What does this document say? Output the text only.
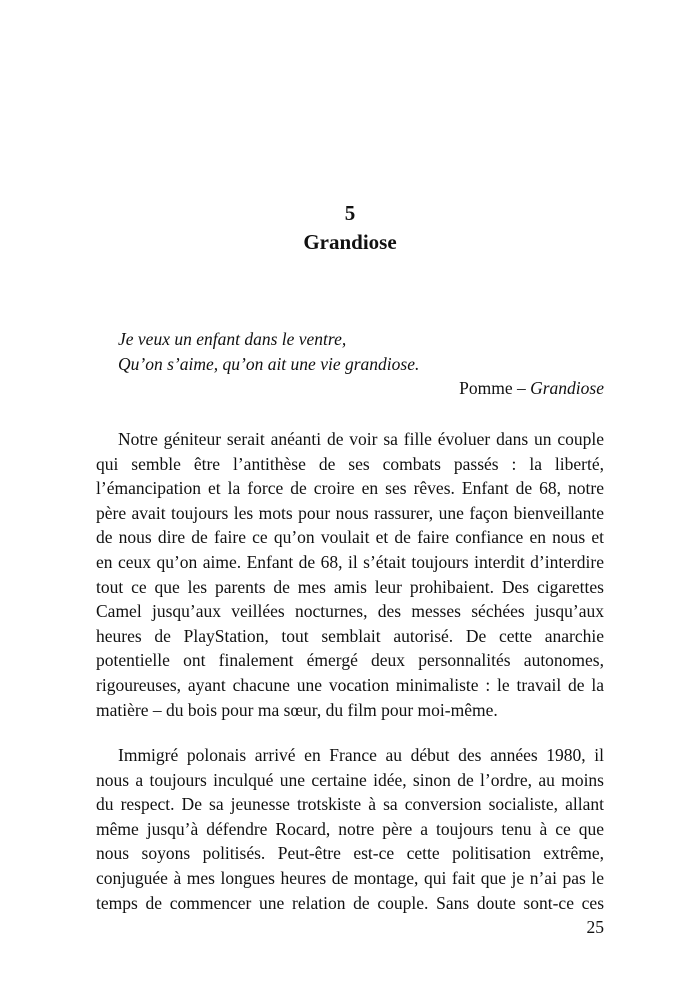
5
Grandiose
Je veux un enfant dans le ventre,
Qu’on s’aime, qu’on ait une vie grandiose.
Pomme – Grandiose
Notre géniteur serait anéanti de voir sa fille évoluer dans un couple
qui semble être l’antithèse de ses combats passés : la liberté,
l’émancipation et la force de croire en ses rêves. Enfant de 68, notre
père avait toujours les mots pour nous rassurer, une façon bienveillante
de nous dire de faire ce qu’on voulait et de faire confiance en nous et
en ceux qu’on aime. Enfant de 68, il s’était toujours interdit d’interdire
tout ce que les parents de mes amis leur prohibaient. Des cigarettes
Camel jusqu’aux veillées nocturnes, des messes séchées jusqu’aux
heures de PlayStation, tout semblait autorisé. De cette anarchie
potentielle ont finalement émergé deux personnalités autonomes,
rigoureuses, ayant chacune une vocation minimaliste : le travail de la
matière – du bois pour ma sœur, du film pour moi-même.
Immigré polonais arrivé en France au début des années 1980, il
nous a toujours inculqué une certaine idée, sinon de l’ordre, au moins
du respect. De sa jeunesse trotskiste à sa conversion socialiste, allant
même jusqu’à défendre Rocard, notre père a toujours tenu à ce que
nous soyons politisés. Peut-être est-ce cette politisation extrême,
conjuguée à mes longues heures de montage, qui fait que je n’ai pas le
temps de commencer une relation de couple. Sans doute sont-ce ces
25
